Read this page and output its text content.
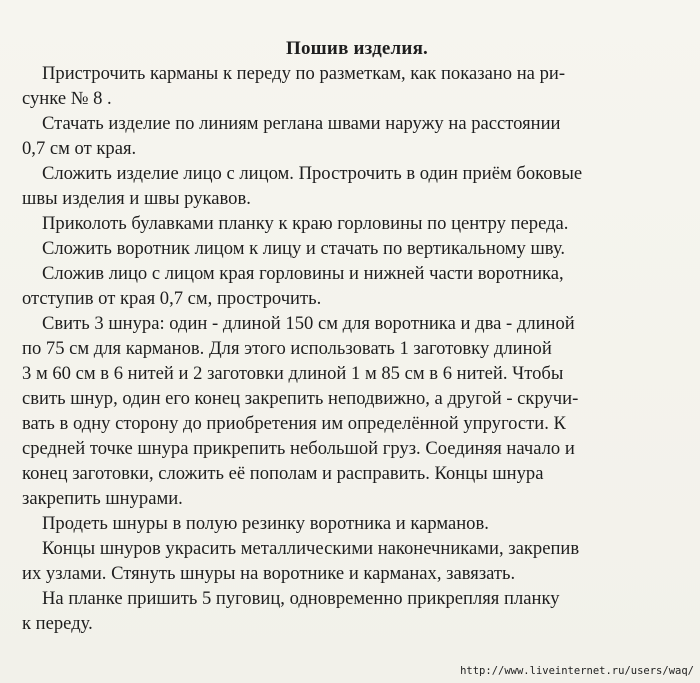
Пошив изделия.
Пристрочить карманы к переду по разметкам, как показано на ри-
сунке № 8 .
Стачать изделие по линиям реглана швами наружу на расстоянии
0,7 см от края.
Сложить изделие лицо с лицом. Прострочить в один приём боковые
швы изделия и швы рукавов.
Приколоть булавками планку к краю горловины по центру переда.
Сложить воротник лицом к лицу и стачать по вертикальному шву.
Сложив лицо с лицом края горловины и нижней части воротника,
отступив от края 0,7 см, прострочить.
Свить 3 шнура: один - длиной 150 см для воротника и два - длиной
по 75 см для карманов. Для этого использовать 1 заготовку длиной
3 м 60 см в 6 нитей и 2 заготовки длиной 1 м 85 см в 6 нитей. Чтобы
свить шнур, один его конец закрепить неподвижно, а другой - скручи-
вать в одну сторону до приобретения им определённой упругости. К
средней точке шнура прикрепить небольшой груз. Соединяя начало и
конец заготовки, сложить её пополам и расправить. Концы шнура
закрепить шнурами.
Продеть шнуры в полую резинку воротника и карманов.
Концы шнуров украсить металлическими наконечниками, закрепив
их узлами. Стянуть шнуры на воротнике и карманах, завязать.
На планке пришить 5 пуговиц, одновременно прикрепляя планку
к переду.
http://www.liveinternet.ru/users/waq/
